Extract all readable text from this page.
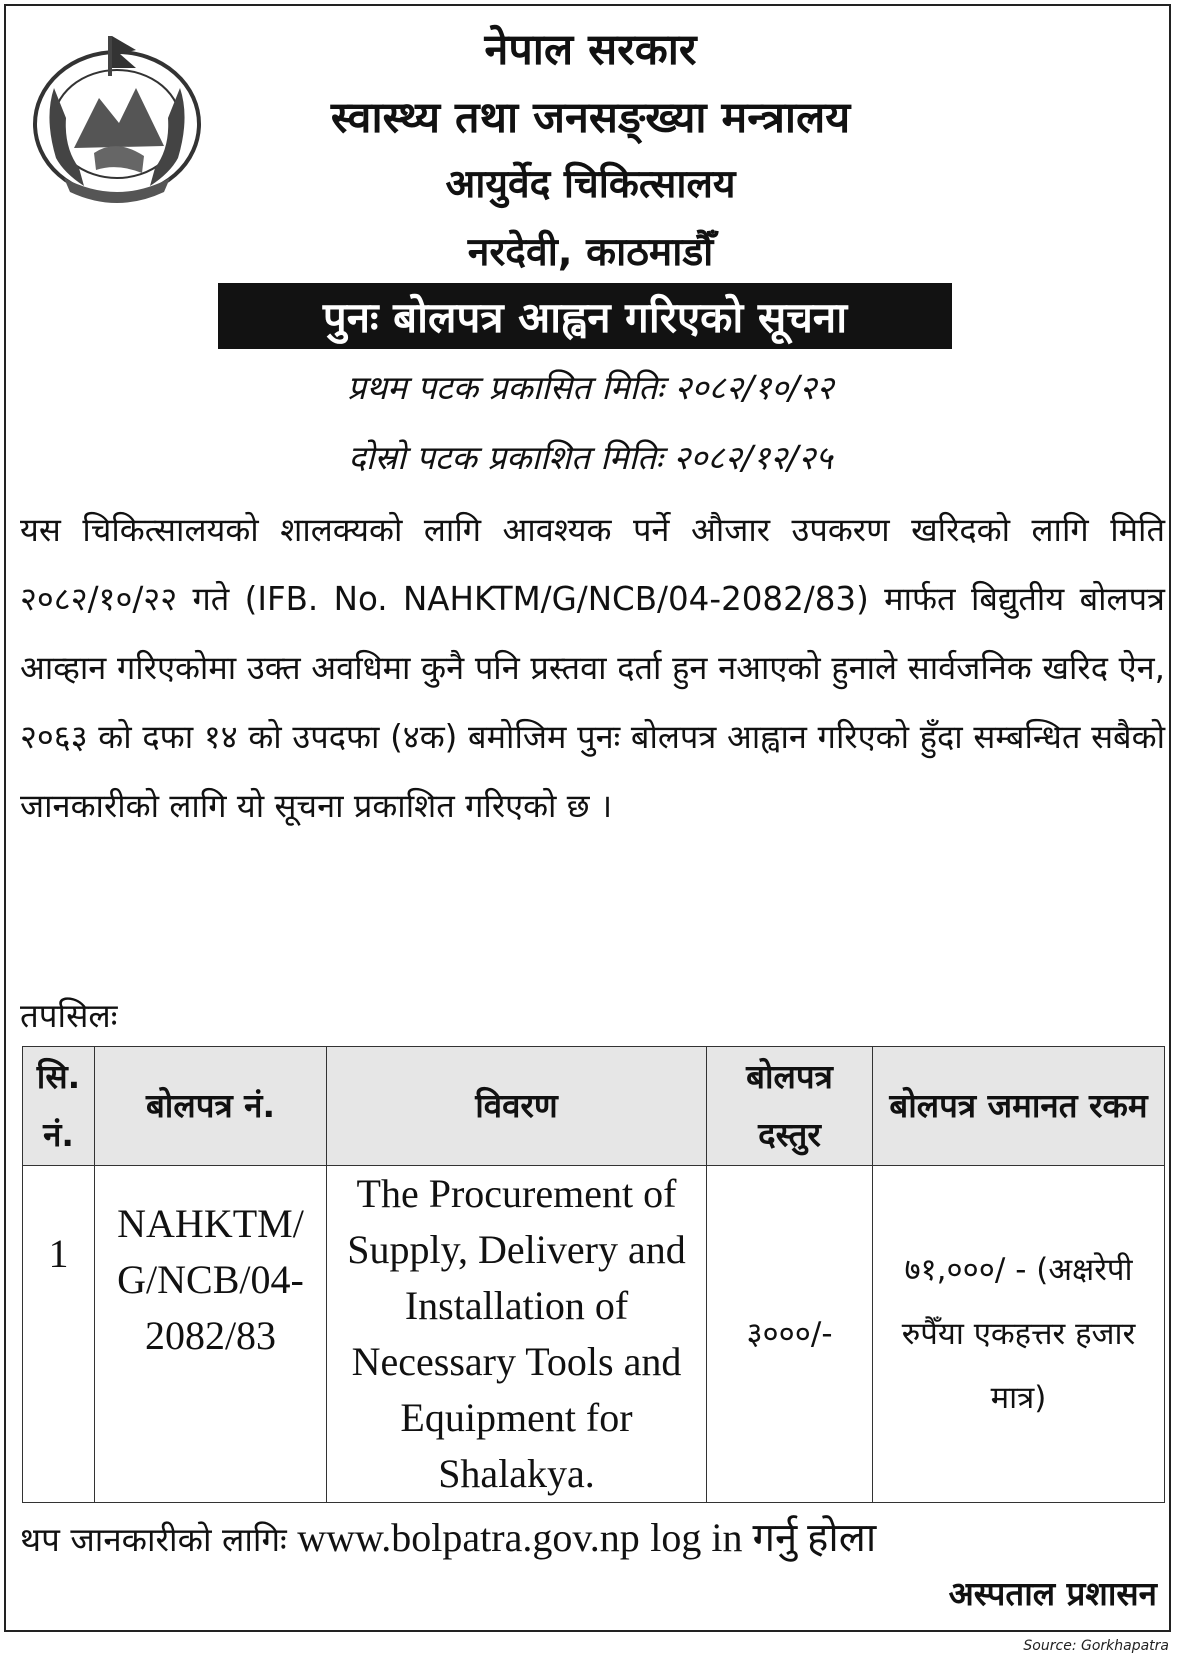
नेपाल सरकार
स्वास्थ्य तथा जनसङ्ख्या मन्त्रालय
आयुर्वेद चिकित्सालय
नरदेवी, काठमाडौँ
पुनः बोलपत्र आह्वन गरिएको सूचना
प्रथम पटक प्रकासित मितिः २०८२/१०/२२
दोस्रो पटक प्रकाशित मितिः २०८२/१२/२५
यस चिकित्सालयको शालक्यको लागि आवश्यक पर्ने औजार उपकरण खरिदको लागि मिति २०८२/१०/२२ गते (IFB. No. NAHKTM/G/NCB/04-2082/83) मार्फत बिद्युतीय बोलपत्र आव्हान गरिएकोमा उक्त अवधिमा कुनै पनि प्रस्तवा दर्ता हुन नआएको हुनाले सार्वजनिक खरिद ऐन, २०६३ को दफा १४ को उपदफा (४क) बमोजिम पुनः बोलपत्र आह्वान गरिएको हुँदा सम्बन्धित सबैको जानकारीको लागि यो सूचना प्रकाशित गरिएको छ ।
तपसिलः
सि. नं.	बोलपत्र नं.	विवरण	बोलपत्र दस्तुर	बोलपत्र जमानत रकम
1	NAHKTM/ G/NCB/04- 2082/83	The Procurement of Supply, Delivery and Installation of Necessary Tools and Equipment for Shalakya.	३०००/-	७१,०००/ - (अक्षरेपी रुपैँया एकहत्तर हजार मात्र)
थप जानकारीको लागिः www.bolpatra.gov.np log in गर्नु होला
अस्पताल प्रशासन
Source: Gorkhapatra
